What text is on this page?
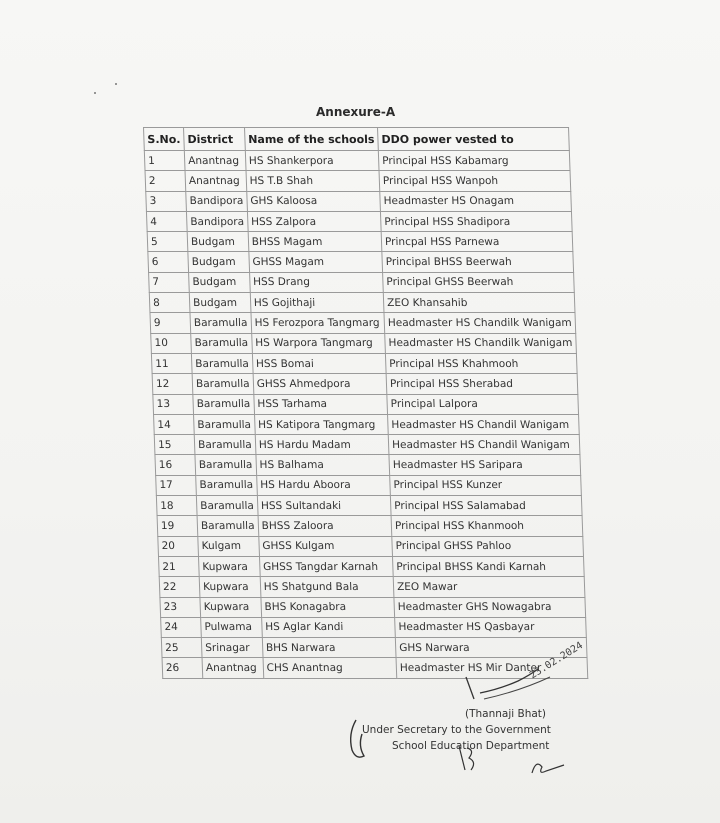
Annexure-A
S.No.	District	Name of the schools	DDO power vested to
1	Anantnag	HS Shankerpora	Principal HSS Kabamarg
2	Anantnag	HS T.B Shah	Principal HSS Wanpoh
3	Bandipora	GHS Kaloosa	Headmaster HS Onagam
4	Bandipora	HSS Zalpora	Principal HSS Shadipora
5	Budgam	BHSS Magam	Princpal HSS Parnewa
6	Budgam	GHSS Magam	Principal BHSS Beerwah
7	Budgam	HSS Drang	Principal GHSS Beerwah
8	Budgam	HS Gojithaji	ZEO Khansahib
9	Baramulla	HS Ferozpora Tangmarg	Headmaster HS Chandilk Wanigam
10	Baramulla	HS Warpora Tangmarg	Headmaster HS Chandilk Wanigam
11	Baramulla	HSS Bomai	Principal HSS Khahmooh
12	Baramulla	GHSS Ahmedpora	Principal HSS Sherabad
13	Baramulla	HSS Tarhama	Principal Lalpora
14	Baramulla	HS Katipora Tangmarg	Headmaster HS Chandil Wanigam
15	Baramulla	HS Hardu Madam	Headmaster HS Chandil Wanigam
16	Baramulla	HS Balhama	Headmaster HS Saripara
17	Baramulla	HS Hardu Aboora	Principal HSS Kunzer
18	Baramulla	HSS Sultandaki	Principal HSS Salamabad
19	Baramulla	BHSS Zaloora	Principal HSS Khanmooh
20	Kulgam	GHSS Kulgam	Principal GHSS Pahloo
21	Kupwara	GHSS Tangdar Karnah	Principal BHSS Kandi Karnah
22	Kupwara	HS Shatgund Bala	ZEO Mawar
23	Kupwara	BHS Konagabra	Headmaster GHS Nowagabra
24	Pulwama	HS Aglar Kandi	Headmaster HS Qasbayar
25	Srinagar	BHS Narwara	GHS Narwara
26	Anantnag	CHS Anantnag	Headmaster HS Mir Danter
23.02.2024
(Thannaji Bhat)
Under Secretary to the Government
School Education Department
